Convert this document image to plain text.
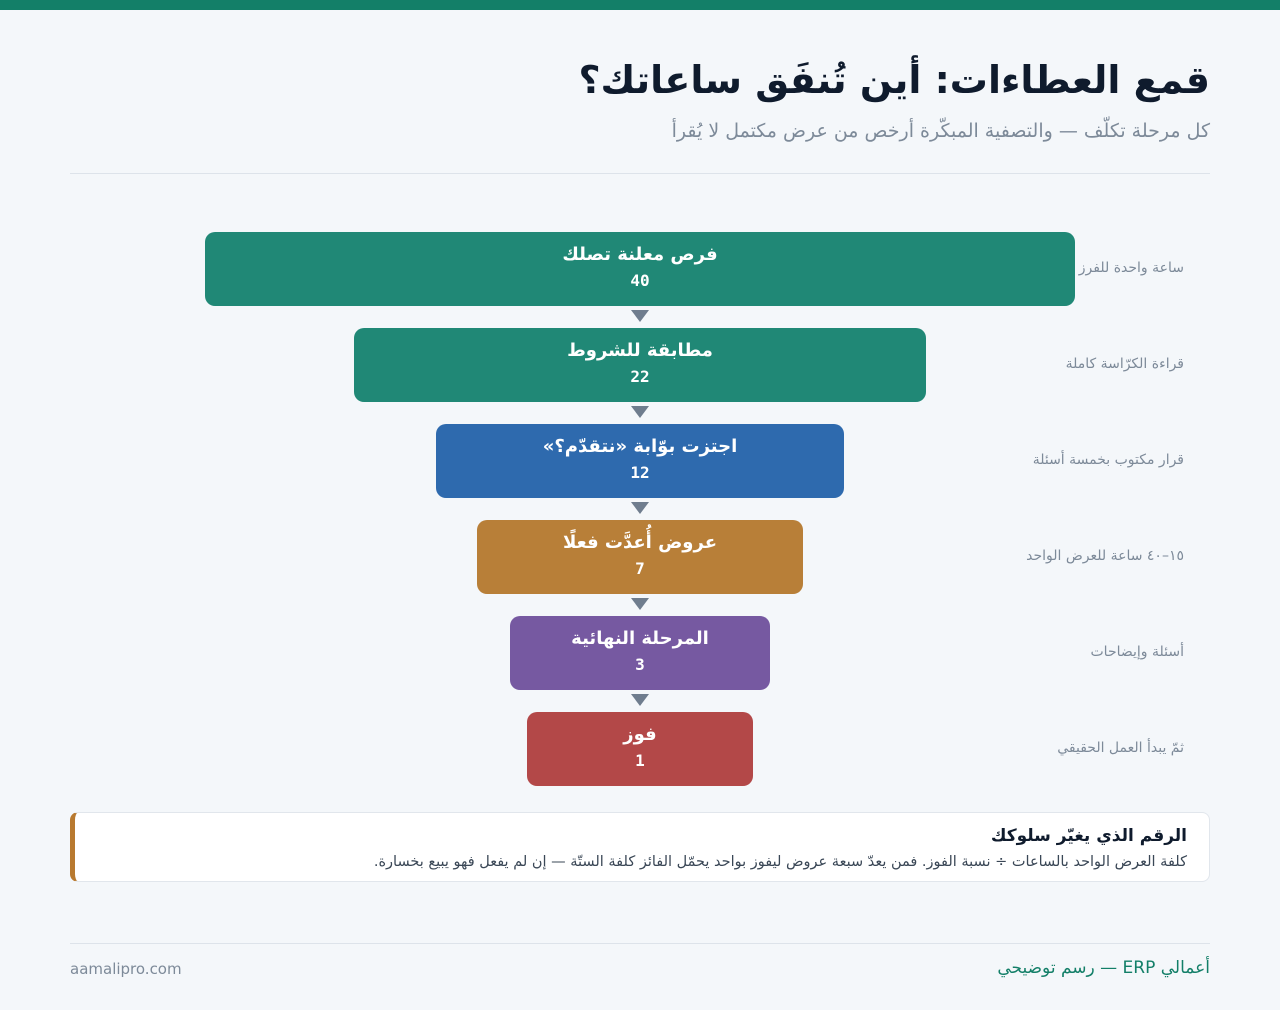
قمع العطاءات: أين تُنفَق ساعاتك؟

كل مرحلة تكلّف — والتصفية المبكّرة أرخص من عرض مكتمل لا يُقرأ

فرص معلنة تصلك
40
ساعة واحدة للفرز
مطابقة للشروط
22
قراءة الكرّاسة كاملة
اجتزت بوّابة «نتقدّم؟»
12
قرار مكتوب بخمسة أسئلة
عروض أُعدَّت فعلًا
7
١٥–٤٠ ساعة للعرض الواحد
المرحلة النهائية
3
أسئلة وإيضاحات
فوز
1
ثمّ يبدأ العمل الحقيقي
الرقم الذي يغيّر سلوكك
كلفة العرض الواحد بالساعات ÷ نسبة الفوز. فمن يعدّ سبعة عروض ليفوز بواحد يحمّل الفائز كلفة الستّة — إن لم يفعل فهو يبيع بخسارة.
أعمالي ERP — رسم توضيحي
aamalipro.com
